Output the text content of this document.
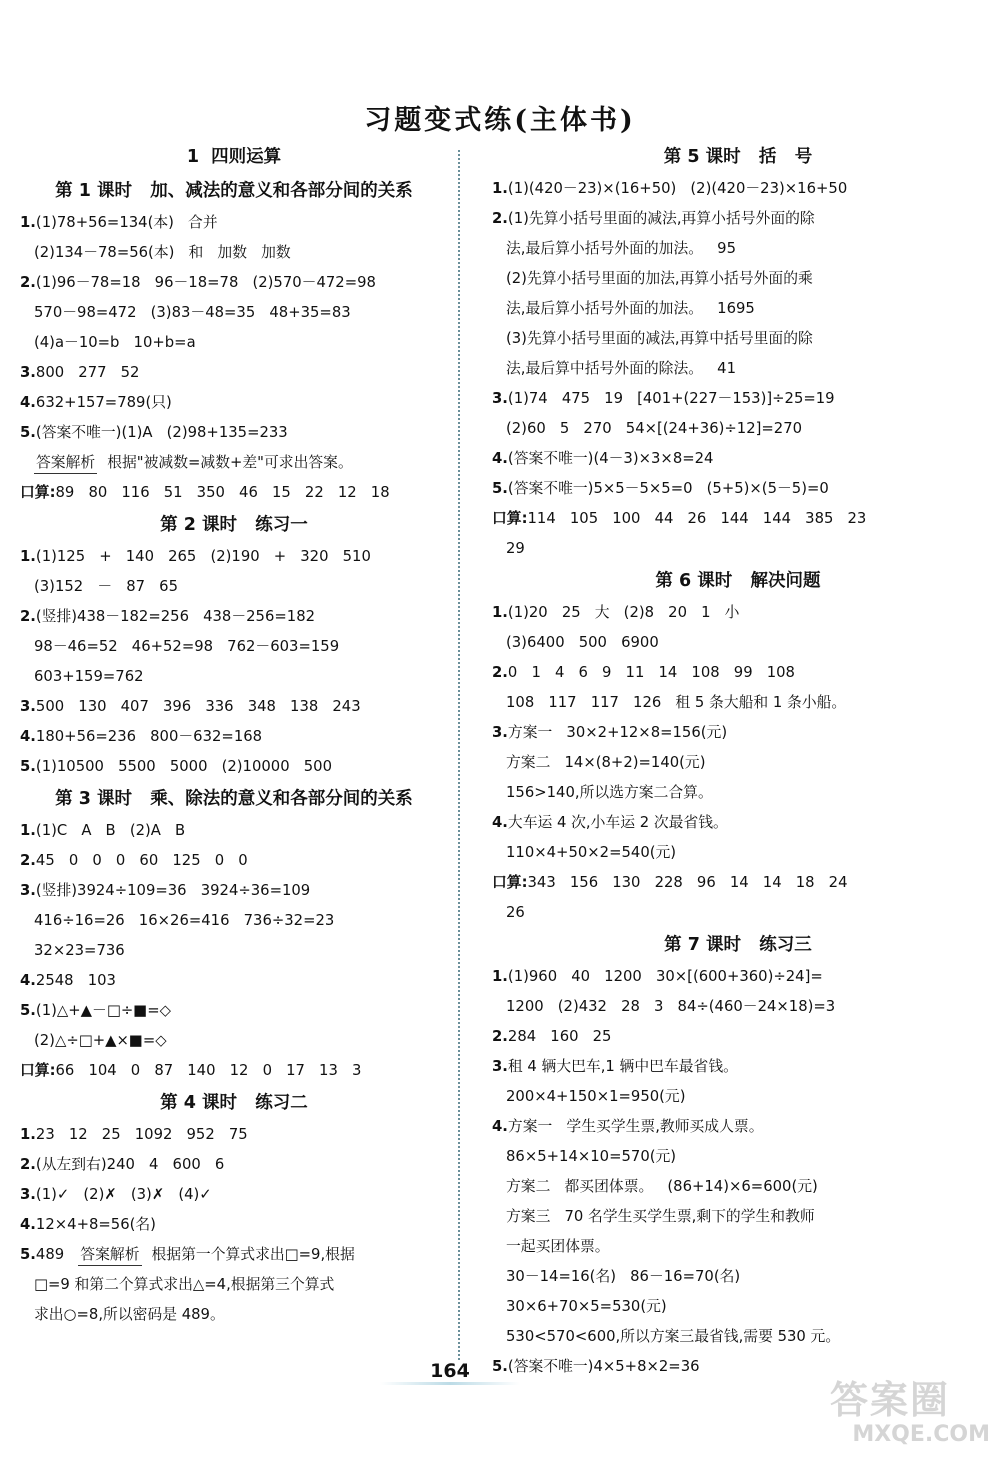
习题变式练(主体书)
1  四则运算
第 1 课时   加、减法的意义和各部分间的关系
1.(1)78+56=134(本)   合并
(2)134－78=56(本)   和   加数   加数
2.(1)96－78=18   96－18=78   (2)570－472=98
570－98=472   (3)83－48=35   48+35=83
(4)a－10=b   10+b=a
3.800   277   52
4.632+157=789(只)
5.(答案不唯一)(1)A   (2)98+135=233
答案解析 根据"被减数=减数+差"可求出答案。
口算:89   80   116   51   350   46   15   22   12   18
第 2 课时   练习一
1.(1)125   +   140   265   (2)190   +   320   510
(3)152   －   87   65
2.(竖排)438－182=256   438－256=182
98－46=52   46+52=98   762－603=159
603+159=762
3.500   130   407   396   336   348   138   243
4.180+56=236   800－632=168
5.(1)10500   5500   5000   (2)10000   500
第 3 课时   乘、除法的意义和各部分间的关系
1.(1)C   A   B   (2)A   B
2.45   0   0   0   60   125   0   0
3.(竖排)3924÷109=36   3924÷36=109
416÷16=26   16×26=416   736÷32=23
32×23=736
4.2548   103
5.(1)△+▲－□÷■=◇
(2)△÷□+▲×■=◇
口算:66   104   0   87   140   12   0   17   13   3
第 4 课时   练习二
1.23   12   25   1092   952   75
2.(从左到右)240   4   600   6
3.(1)✓   (2)✗   (3)✗   (4)✓
4.12×4+8=56(名)
5.489 答案解析 根据第一个算式求出□=9,根据
□=9 和第二个算式求出△=4,根据第三个算式
求出○=8,所以密码是 489。
第 5 课时   括   号
1.(1)(420－23)×(16+50)   (2)(420－23)×16+50
2.(1)先算小括号里面的减法,再算小括号外面的除
法,最后算小括号外面的加法。   95
(2)先算小括号里面的加法,再算小括号外面的乘
法,最后算小括号外面的加法。   1695
(3)先算小括号里面的减法,再算中括号里面的除
法,最后算中括号外面的除法。   41
3.(1)74   475   19   [401+(227－153)]÷25=19
(2)60   5   270   54×[(24+36)÷12]=270
4.(答案不唯一)(4－3)×3×8=24
5.(答案不唯一)5×5－5×5=0   (5+5)×(5－5)=0
口算:114   105   100   44   26   144   144   385   23
29
第 6 课时   解决问题
1.(1)20   25   大   (2)8   20   1   小
(3)6400   500   6900
2.0   1   4   6   9   11   14   108   99   108
108   117   117   126   租 5 条大船和 1 条小船。
3.方案一   30×2+12×8=156(元)
方案二   14×(8+2)=140(元)
156>140,所以选方案二合算。
4.大车运 4 次,小车运 2 次最省钱。
110×4+50×2=540(元)
口算:343   156   130   228   96   14   14   18   24
26
第 7 课时   练习三
1.(1)960   40   1200   30×[(600+360)÷24]=
1200   (2)432   28   3   84÷(460－24×18)=3
2.284   160   25
3.租 4 辆大巴车,1 辆中巴车最省钱。
200×4+150×1=950(元)
4.方案一   学生买学生票,教师买成人票。
86×5+14×10=570(元)
方案二   都买团体票。   (86+14)×6=600(元)
方案三   70 名学生买学生票,剩下的学生和教师
一起买团体票。
30－14=16(名)   86－16=70(名)
30×6+70×5=530(元)
530<570<600,所以方案三最省钱,需要 530 元。
5.(答案不唯一)4×5+8×2=36
164
答案圈
MXQE.COM
